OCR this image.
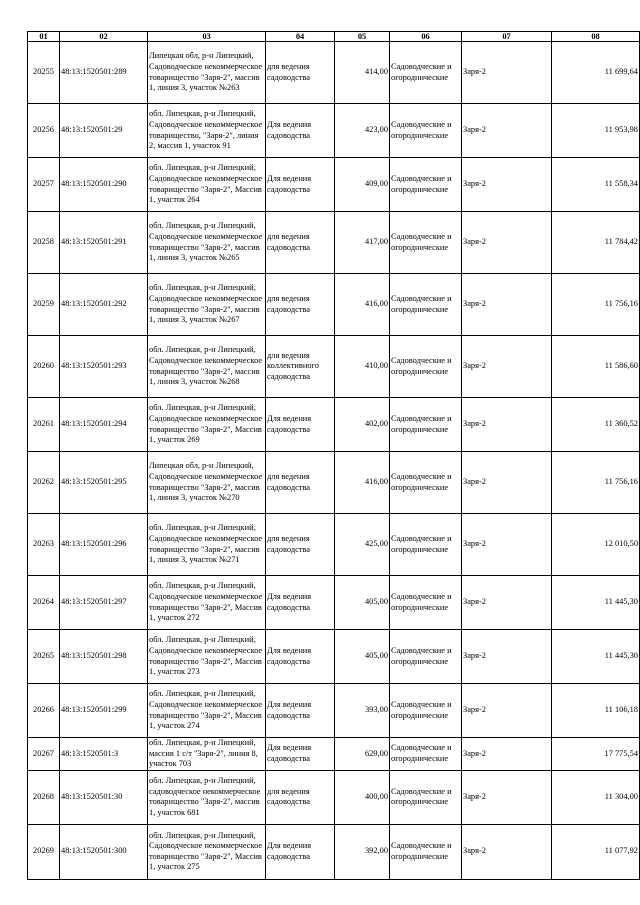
01	02	03	04	05	06	07	08
20255	48:13:1520501:289	Липецкая обл, р-н Липецкий, Садоводческое некоммерческое товарищество "Заря-2", массив 1, линия 3, участок №263	для ведения садоводства	414,00	Садоводческие и огороднические	Заря-2	11 699,64
20256	48:13:1520501:29	обл. Липецкая, р-н Липецкий, Садоводческое некоммерческое товарищество, "Заря-2", линия 2, массив 1, участок 91	Для ведения садоводства	423,00	Садоводческие и огороднические	Заря-2	11 953,98
20257	48:13:1520501:290	обл. Липецкая, р-н Липецкий, Садоводческое некоммерческое товарищество "Заря-2", Массив 1, участок 264	Для ведения садоводства	409,00	Садоводческие и огороднические	Заря-2	11 558,34
20258	48:13:1520501:291	обл. Липецкая, р-н Липецкий, Садоводческое некоммерческое товарищество "Заря-2", массив 1, линия 3, участок №265	для ведения садоводства	417,00	Садоводческие и огороднические	Заря-2	11 784,42
20259	48:13:1520501:292	обл. Липецкая, р-н Липецкий, Садоводческое некоммерческое товарищество "Заря-2", массив 1, линия 3, участок №267	для ведения садоводства	416,00	Садоводческие и огороднические	Заря-2	11 756,16
20260	48:13:1520501:293	обл. Липецкая, р-н Липецкий, Садоводческое некоммерческое товарищество "Заря-2", массив 1, линия 3, участок №268	для ведения коллективного садоводства	410,00	Садоводческие и огороднические	Заря-2	11 586,60
20261	48:13:1520501:294	обл. Липецкая, р-н Липецкий, Садоводческое некоммерческое товарищество "Заря-2", Массив 1, участок 269	Для ведения садоводства	402,00	Садоводческие и огороднические	Заря-2	11 360,52
20262	48:13:1520501:295	Липецкая обл, р-н Липецкий, Садоводческое некоммерческое товарищество "Заря-2", массив 1, линия 3, участок №270	для ведения садоводства	416,00	Садоводческие и огороднические	Заря-2	11 756,16
20263	48:13:1520501:296	обл. Липецкая, р-н Липецкий, Садоводческое некоммерческое товарищество "Заря-2", массив 1, линия 3, участок №271	для ведения садоводства	425,00	Садоводческие и огороднические	Заря-2	12 010,50
20264	48:13:1520501:297	обл. Липецкая, р-н Липецкий, Садоводческое некоммерческое товарищество "Заря-2", Массив 1, участок 272	Для ведения садоводства	405,00	Садоводческие и огороднические	Заря-2	11 445,30
20265	48:13:1520501:298	обл. Липецкая, р-н Липецкий, Садоводческое некоммерческое товарищество "Заря-2", Массив 1, участок 273	Для ведения садоводства	405,00	Садоводческие и огороднические	Заря-2	11 445,30
20266	48:13:1520501:299	обл. Липецкая, р-н Липецкий, Садоводческое некоммерческое товарищество "Заря-2", Массив 1, участок 274	Для ведения садоводства	393,00	Садоводческие и огороднические	Заря-2	11 106,18
20267	48:13:1520501:3	обл. Липецкая, р-н Липецкий, массив 1 с/т "Заря-2", линия 8, участок 703	Для ведения садоводства	629,00	Садоводческие и огороднические	Заря-2	17 775,54
20268	48:13:1520501:30	обл. Липецкая, р-н Липецкий, садоводческое некоммерческое товарищество "Заря-2", массив 1, участок 681	для ведения садоводства	400,00	Садоводческие и огороднические	Заря-2	11 304,00
20269	48:13:1520501:300	обл. Липецкая, р-н Липецкий, Садоводческое некоммерческое товарищество "Заря-2", Массив 1, участок 275	Для ведения садоводства	392,00	Садоводческие и огороднические	Заря-2	11 077,92
